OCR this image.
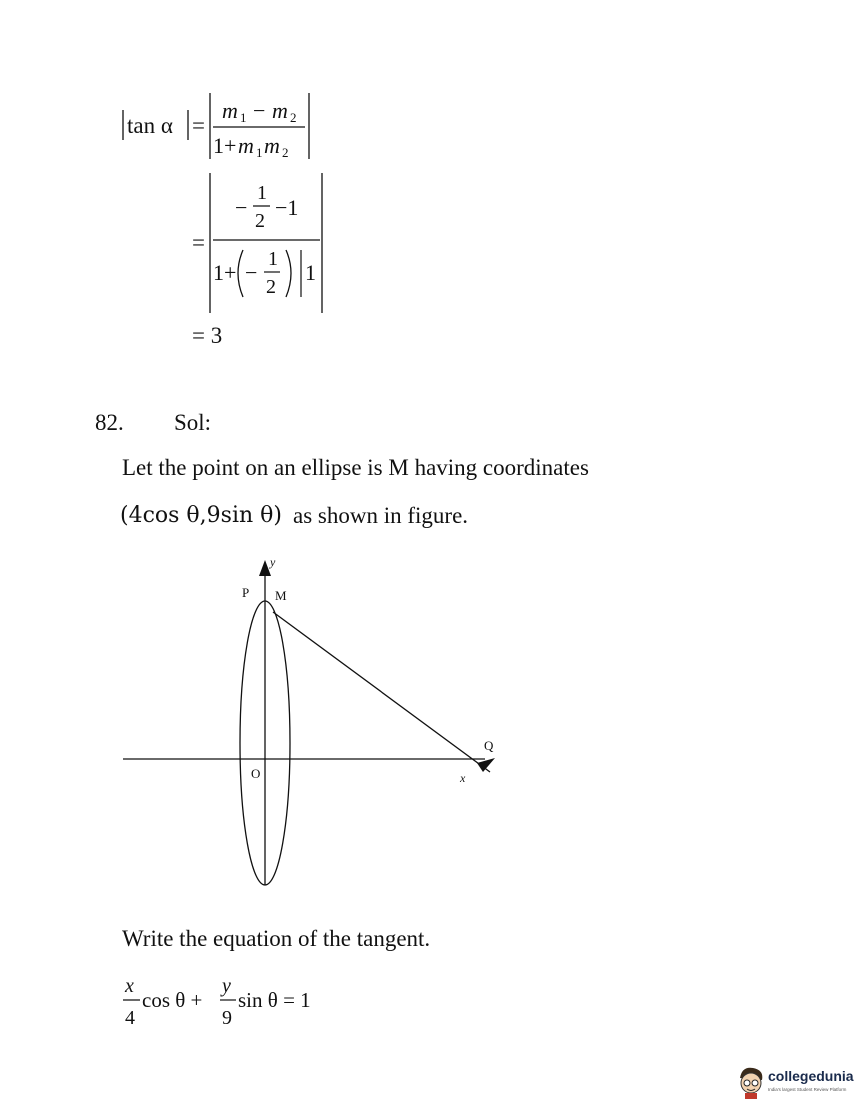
tan α =
m 1 − m 2
1+ m 1 m 2
=
−
1
2
−1
1+ −
1
2
1
= 3
82. Sol:
Let the point on an ellipse is M having coordinates
(4cos θ,9sin θ) as shown in figure.
y
P M
O
Q
x
Write the equation of the tangent.
x
4
cos θ +
y
9
sin θ = 1
collegedunia
India's largest Student Review Platform
